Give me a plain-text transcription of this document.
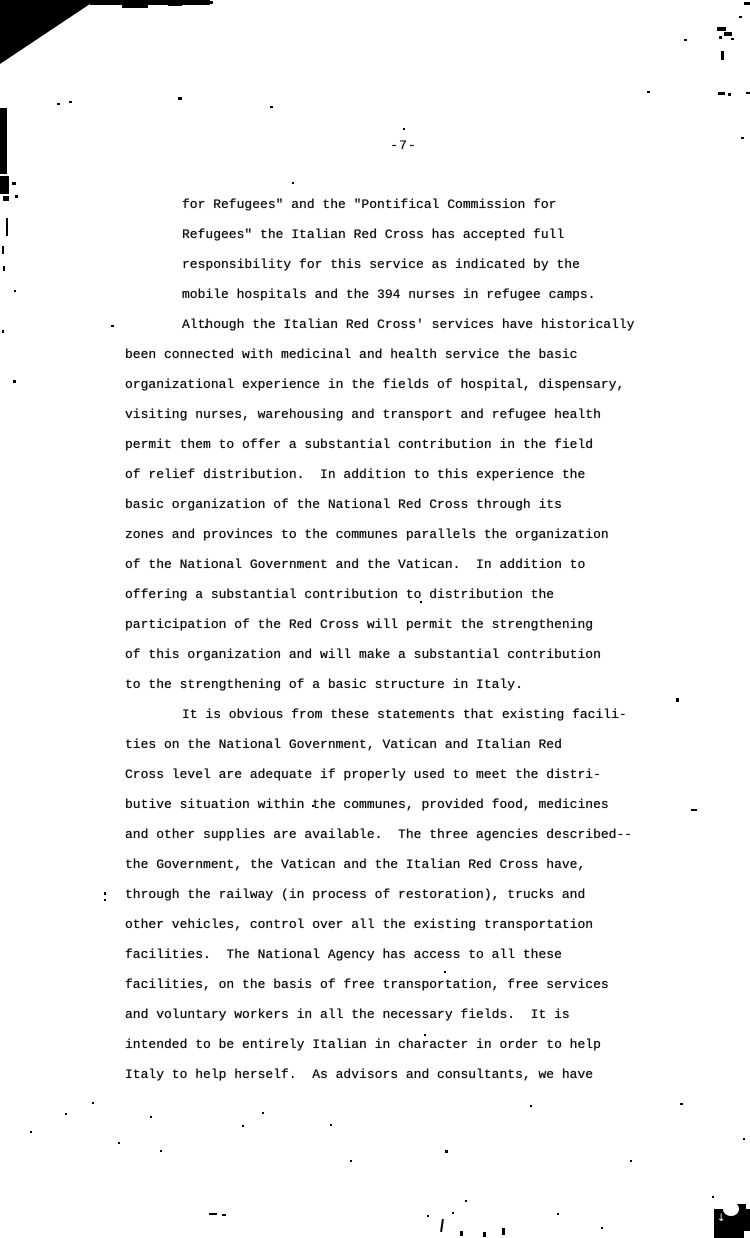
↓
-7-
for Refugees" and the "Pontifical Commission for
Refugees" the Italian Red Cross has accepted full
responsibility for this service as indicated by the
mobile hospitals and the 394 nurses in refugee camps.
Although the Italian Red Cross' services have historically
been connected with medicinal and health service the basic
organizational experience in the fields of hospital, dispensary,
visiting nurses, warehousing and transport and refugee health
permit them to offer a substantial contribution in the field
of relief distribution.  In addition to this experience the
basic organization of the National Red Cross through its
zones and provinces to the communes parallels the organization
of the National Government and the Vatican.  In addition to
offering a substantial contribution to distribution the
participation of the Red Cross will permit the strengthening
of this organization and will make a substantial contribution
to the strengthening of a basic structure in Italy.
It is obvious from these statements that existing facili-
ties on the National Government, Vatican and Italian Red
Cross level are adequate if properly used to meet the distri-
butive situation within the communes, provided food, medicines
and other supplies are available.  The three agencies described--
the Government, the Vatican and the Italian Red Cross have,
through the railway (in process of restoration), trucks and
other vehicles, control over all the existing transportation
facilities.  The National Agency has access to all these
facilities, on the basis of free transportation, free services
and voluntary workers in all the necessary fields.  It is
intended to be entirely Italian in character in order to help
Italy to help herself.  As advisors and consultants, we have
